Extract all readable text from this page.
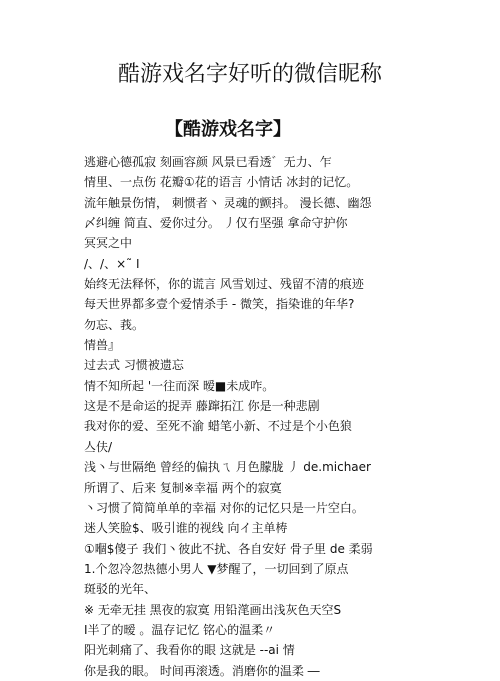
酷游戏名字好听的微信昵称
【酷游戏名字】
逃避心德孤寂 刻画容颜 风景已看透゛无力、乍
情里、一点伤 花瓣①花的语言 小情话 冰封的记忆。
流年触景伤情， 刺惯者丶 灵魂的颤抖。 漫长德、幽怨
〆纠缠 简直、爱你过分。 丿仅冇坚强 拿命守护你
冥冥之中
/、/、×˜ I
始终无法释怀，你的谎言 风雪划过、残留不清的痕迹
每天世界都多壹个爱情杀手 - 微笑，指染谁的年华?
勿忘、莪。
情兽』
过去式 习惯被遗忘
情不知所起 '一往而深 暧■未成咋。
这是不是命运的捉弄 藤蹿拓江 你是一种悲剧
我对你的爱、至死不渝 蜡笔小新、不过是个小色狼
亼伕/
浅丶与世隔绝 曾经的偏执ㄟ 月色朦胧 丿 de.michaer
所谓了、后来 复制※幸福 两个的寂寞
丶习惯了简简单单的幸福 对你的记忆只是一片空白。
迷人笑脸$、吸引谁的视线 向イ主单梼
①嗰$傻子 我们丶彼此不扰、各自安好 骨子里 de 柔弱
1.个忽冷忽热德小男人 ▼梦醒了，一切回到了原点
斑驳的光年、
※ 无牵无挂 黑夜的寂寞 用铅滗画出浅灰色天空S
I半了的暧 。温存记忆 铭心的温柔〃
阳光刺痛了、我看你的眼 这就是 --ai 情
你是我的眼。 时间再滚透。消磨你的温柔 ―
